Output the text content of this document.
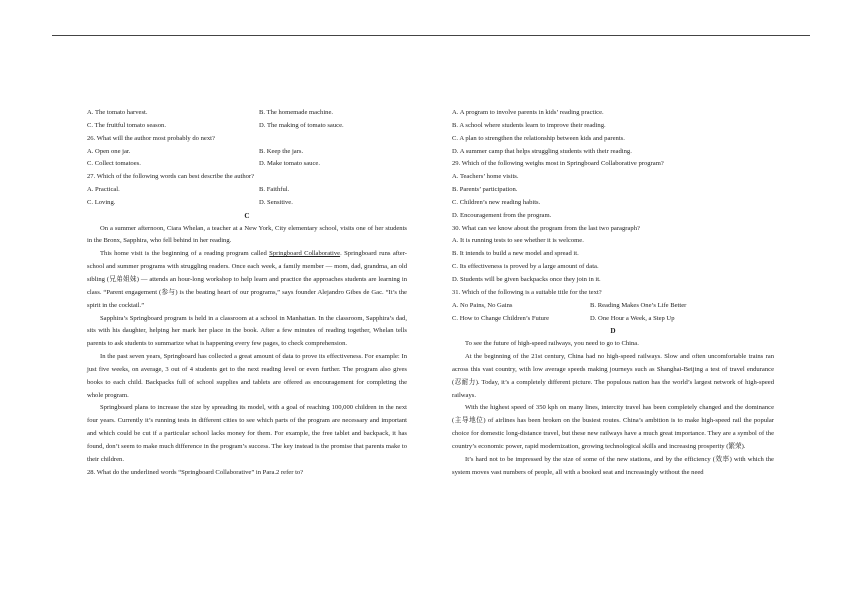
A. The tomato harvest.	B. The homemade machine.
C. The fruitful tomato season.	D. The making of tomato sauce.
26. What will the author most probably do next?
A. Open one jar.	B. Keep the jars.
C. Collect tomatoes.	D. Make tomato sauce.
27. Which of the following words can best describe the author?
A. Practical.	B. Faithful.
C. Loving.	D. Sensitive.
C
On a summer afternoon, Ciara Whelan, a teacher at a New York, City elementary school, visits one of her students in the Bronx, Sapphira, who fell behind in her reading.
This home visit is the beginning of a reading program called Springboard Collaborative. Springboard runs after-school and summer programs with struggling readers. Once each week, a family member — mom, dad, grandma, an old sibling (兄弟姐妹) — attends an hour-long workshop to help learn and practice the approaches students are learning in class. “Parent engagement (参与) is the beating heart of our programs,” says founder Alejandro Gibes de Gac. “It’s the spirit in the cocktail.”
Sapphira’s Springboard program is held in a classroom at a school in Manhattan. In the classroom, Sapphira’s dad, sits with his daughter, helping her mark her place in the book. After a few minutes of reading together, Whelan tells parents to ask students to summarize what is happening every few pages, to check comprehension.
In the past seven years, Springboard has collected a great amount of data to prove its effectiveness. For example: In just five weeks, on average, 3 out of 4 students get to the next reading level or even further. The program also gives books to each child. Backpacks full of school supplies and tablets are offered as encouragement for completing the whole program.
Springboard plans to increase the size by spreading its model, with a goal of reaching 100,000 children in the next four years. Currently it’s running tests in different cities to see which parts of the program are necessary and important and which could be cut if a particular school lacks money for them. For example, the free tablet and backpack, it has found, don’t seem to make much difference in the program’s success. The key instead is the promise that parents make to their children.
28. What do the underlined words “Springboard Collaborative” in Para.2 refer to?
A. A program to involve parents in kids’ reading practice.
B. A school where students learn to improve their reading.
C. A plan to strengthen the relationship between kids and parents.
D. A summer camp that helps struggling students with their reading.
29. Which of the following weighs most in Springboard Collaborative program?
A. Teachers’ home visits.
B. Parents’ participation.
C. Children’s new reading habits.
D. Encouragement from the program.
30. What can we know about the program from the last two paragraph?
A. It is running tests to see whether it is welcome.
B. It intends to build a new model and spread it.
C. Its effectiveness is proved by a large amount of data.
D. Students will be given backpacks once they join in it.
31. Which of the following is a suitable title for the text?
A. No Pains, No Gains	B. Reading Makes One’s Life Better
C. How to Change Children’s Future	D. One Hour a Week, a Step Up
D
To see the future of high-speed railways, you need to go to China.
At the beginning of the 21st century, China had no high-speed railways. Slow and often uncomfortable trains ran across this vast country, with low average speeds making journeys such as Shanghai-Beijing a test of travel endurance (忍耐力). Today, it’s a completely different picture. The populous nation has the world’s largest network of high-speed railways.
With the highest speed of 350 kph on many lines, intercity travel has been completely changed and the dominance (主导地位) of airlines has been broken on the busiest routes. China’s ambition is to make high-speed rail the popular choice for domestic long-distance travel, but these new railways have a much great importance. They are a symbol of the country’s economic power, rapid modernization, growing technological skills and increasing prosperity (繁荣).
It’s hard not to be impressed by the size of some of the new stations, and by the efficiency (效率) with which the system moves vast numbers of people, all with a booked seat and increasingly without the need
